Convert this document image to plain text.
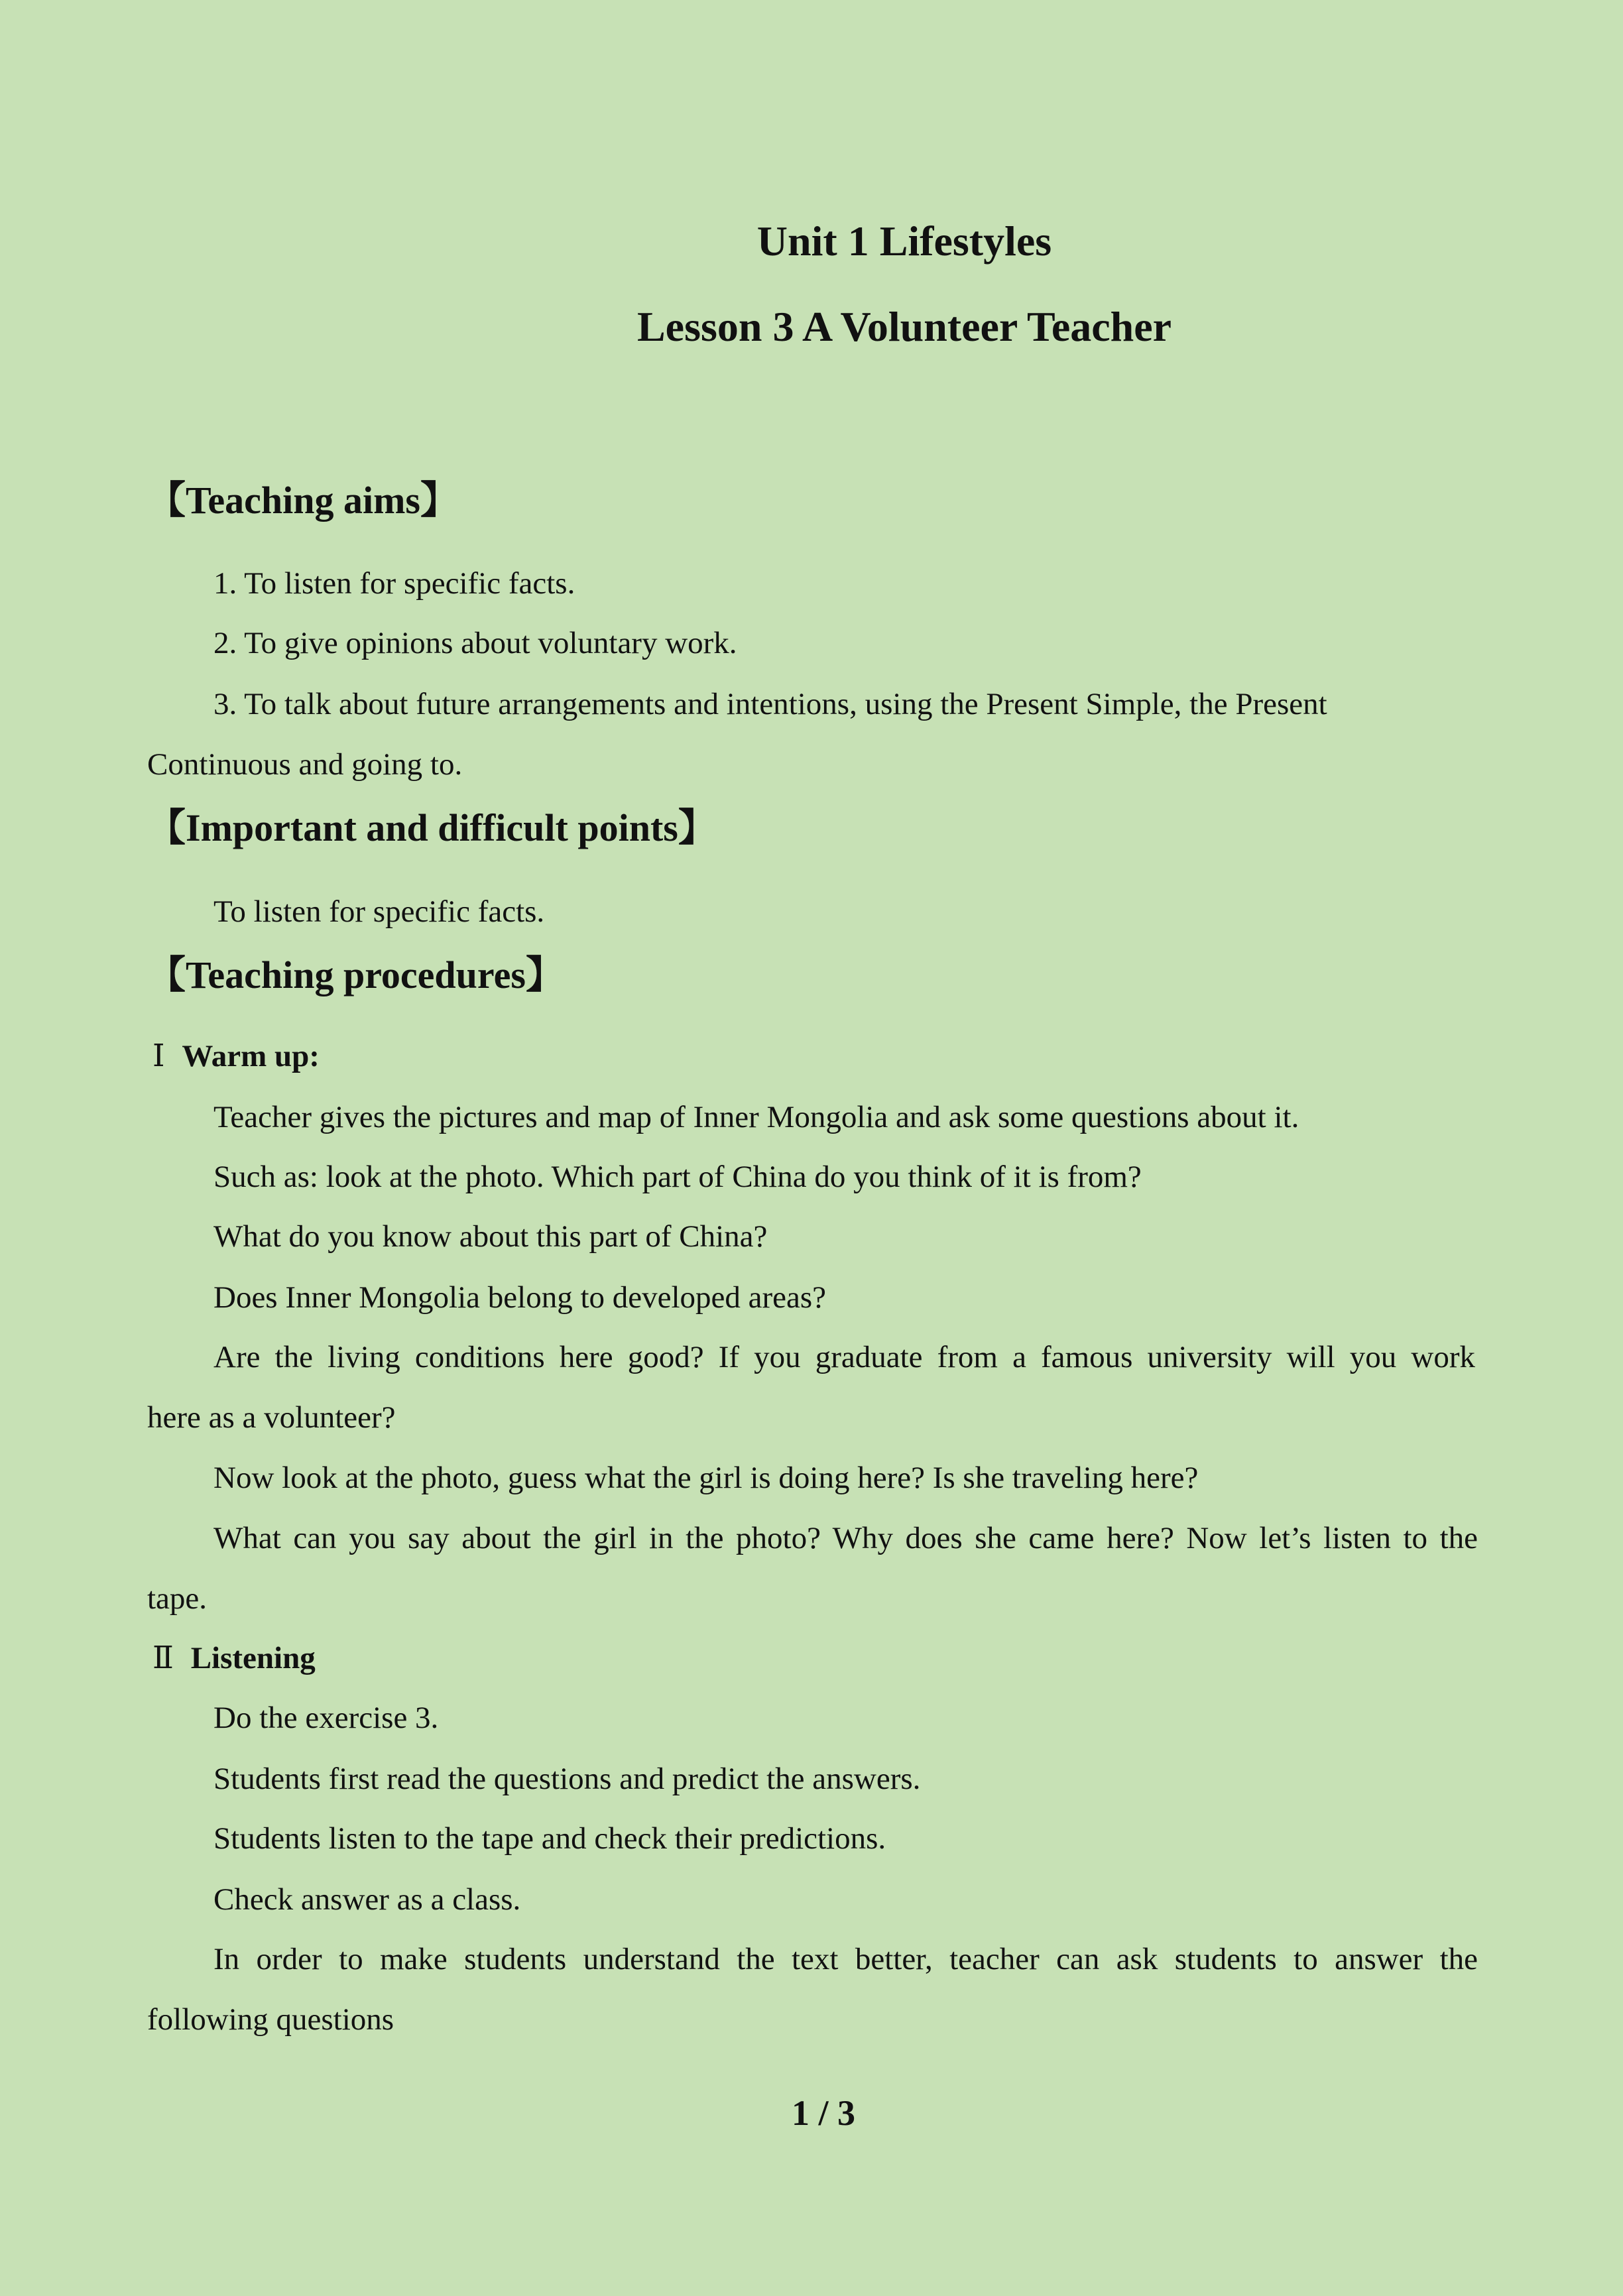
Unit 1 Lifestyles
Lesson 3 A Volunteer Teacher
【Teaching aims】
1. To listen for specific facts.
2. To give opinions about voluntary work.
3. To talk about future arrangements and intentions, using the Present Simple, the Present
Continuous and going to.
【Important and difficult points】
To listen for specific facts.
【Teaching procedures】
Ⅰ Warm up:
Teacher gives the pictures and map of Inner Mongolia and ask some questions about it.
Such as: look at the photo. Which part of China do you think of it is from?
What do you know about this part of China?
Does Inner Mongolia belong to developed areas?
Are the living conditions here good? If you graduate from a famous university will you work
here as a volunteer?
Now look at the photo, guess what the girl is doing here? Is she traveling here?
What can you say about the girl in the photo? Why does she came here? Now let’s listen to the
tape.
Ⅱ Listening
Do the exercise 3.
Students first read the questions and predict the answers.
Students listen to the tape and check their predictions.
Check answer as a class.
In order to make students understand the text better, teacher can ask students to answer the
following questions
1 / 3
